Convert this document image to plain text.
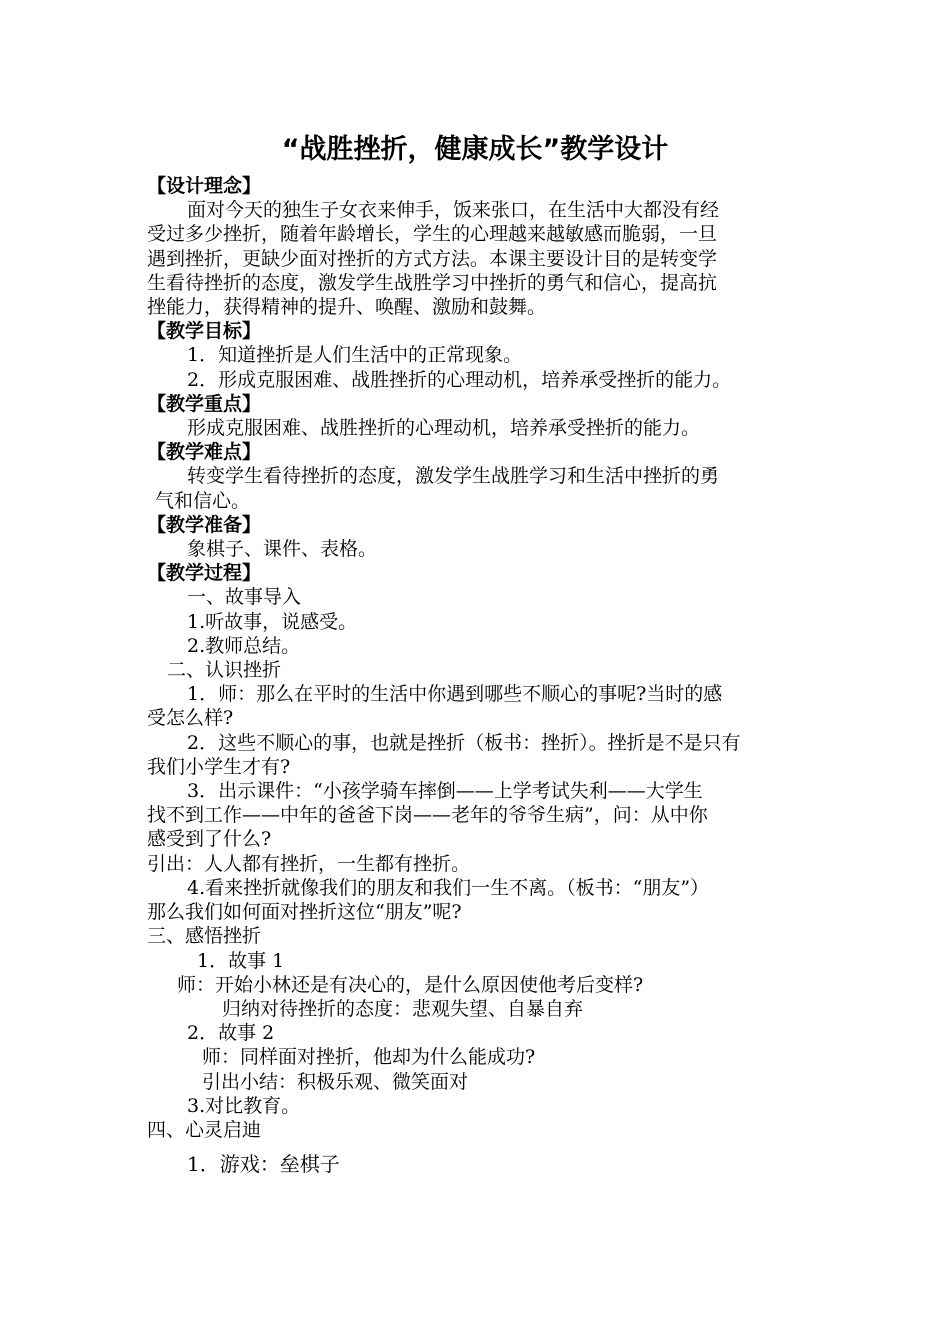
“战胜挫折，健康成长”教学设计
【设计理念】
面对今天的独生子女衣来伸手，饭来张口，在生活中大都没有经
受过多少挫折，随着年龄增长，学生的心理越来越敏感而脆弱，一旦
遇到挫折，更缺少面对挫折的方式方法。本课主要设计目的是转变学
生看待挫折的态度，激发学生战胜学习中挫折的勇气和信心，提高抗
挫能力，获得精神的提升、唤醒、激励和鼓舞。
【教学目标】
1．知道挫折是人们生活中的正常现象。
2．形成克服困难、战胜挫折的心理动机，培养承受挫折的能力。
【教学重点】
形成克服困难、战胜挫折的心理动机，培养承受挫折的能力。
【教学难点】
转变学生看待挫折的态度，激发学生战胜学习和生活中挫折的勇
气和信心。
【教学准备】
象棋子、课件、表格。
【教学过程】
一、故事导入
1.听故事，说感受。
2.教师总结。
二、认识挫折
1．师：那么在平时的生活中你遇到哪些不顺心的事呢?当时的感
受怎么样?
2．这些不顺心的事，也就是挫折（板书：挫折）。挫折是不是只有
我们小学生才有?
3．出示课件：“小孩学骑车摔倒——上学考试失利——大学生
找不到工作——中年的爸爸下岗——老年的爷爷生病”，问：从中你
感受到了什么?
引出：人人都有挫折，一生都有挫折。
4.看来挫折就像我们的朋友和我们一生不离。（板书：“朋友”）
那么我们如何面对挫折这位“朋友”呢?
三、感悟挫折
1．故事 1
师：开始小林还是有决心的，是什么原因使他考后变样?
归纳对待挫折的态度：悲观失望、自暴自弃
2．故事 2
师：同样面对挫折，他却为什么能成功?
引出小结：积极乐观、微笑面对
3.对比教育。
四、心灵启迪
1．游戏：垒棋子
